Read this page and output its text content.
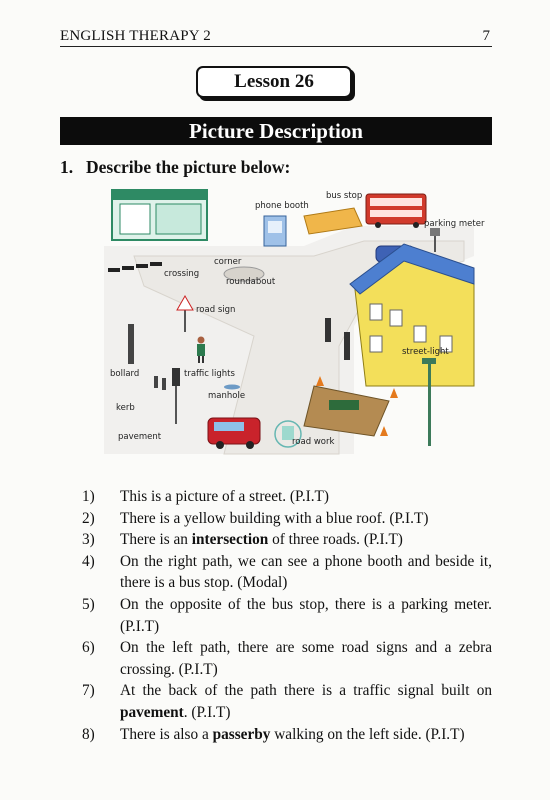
ENGLISH THERAPY 2	7
Lesson 26
Picture Description
1. Describe the picture below:
phone booth
bus stop
parking meter
corner
crossing
roundabout
road sign
street-light
bollard	traffic lights
manhole
kerb
pavement	road work
1) This is a picture of a street. (P.I.T)
2) There is a yellow building with a blue roof. (P.I.T)
3) There is an intersection of three roads. (P.I.T)
4) On the right path, we can see a phone booth and beside it, there is a bus stop. (Modal)
5) On the opposite of the bus stop, there is a parking meter. (P.I.T)
6) On the left path, there are some road signs and a zebra crossing. (P.I.T)
7) At the back of the path there is a traffic signal built on pavement. (P.I.T)
8) There is also a passerby walking on the left side. (P.I.T)
